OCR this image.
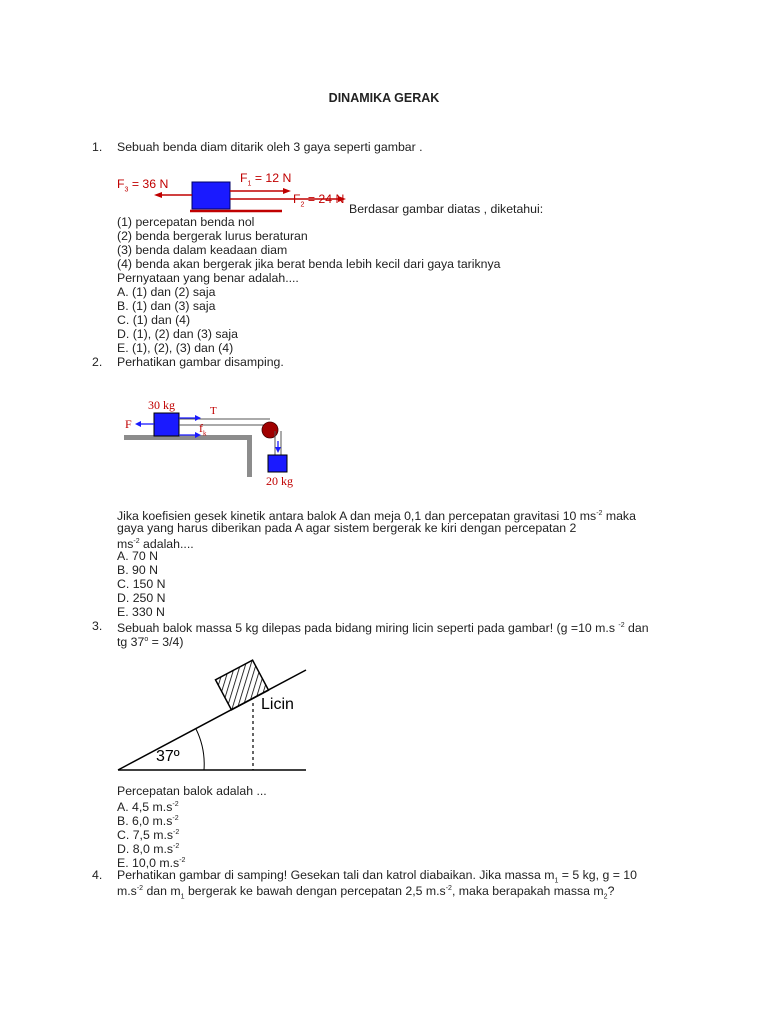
DINAMIKA GERAK
1. Sebuah benda diam ditarik oleh 3 gaya seperti gambar .
$F_3 = 36$ N	$F_1 = 12$ N
$F_2 = 24$ N
Berdasar gambar diatas , diketahui:
(1) percepatan benda nol
(2) benda bergerak lurus beraturan
(3) benda dalam keadaan diam
(4) benda akan bergerak jika berat benda lebih kecil dari gaya tariknya
Pernyataan yang benar adalah....
A. (1) dan (2) saja
B. (1) dan (3) saja
C. (1) dan (4)
D. (1), (2) dan (3) saja
E. (1), (2), (3) dan (4)
2. Perhatikan gambar disamping.
30 kg	T
F	$f_k$
20 kg
Jika koefisien gesek kinetik antara balok A dan meja 0,1 dan percepatan gravitasi 10 $ms^{-2}$ maka
gaya yang harus diberikan pada A agar sistem bergerak ke kiri dengan percepatan 2
$ms^{-2}$ adalah....
A. 70 N
B. 90 N
C. 150 N
D. 250 N
E. 330 N
3. Sebuah balok massa 5 kg dilepas pada bidang miring licin seperti pada gambar! (g =10 m.s $^{-2}$ dan
tg $37^o = 3/4$)
Licin
37º
Percepatan balok adalah ...
A. 4,5 $m.s^{-2}$
B. 6,0 $m.s^{-2}$
C. 7,5 $m.s^{-2}$
D. 8,0 $m.s^{-2}$
E. 10,0 $m.s^{-2}$
4. Perhatikan gambar di samping! Gesekan tali dan katrol diabaikan. Jika massa $m_1 = 5$ kg, g = 10
$m.s^{-2}$ dan $m_1$ bergerak ke bawah dengan percepatan 2,5 $m.s^{-2}$, maka berapakah massa $m_2$?
